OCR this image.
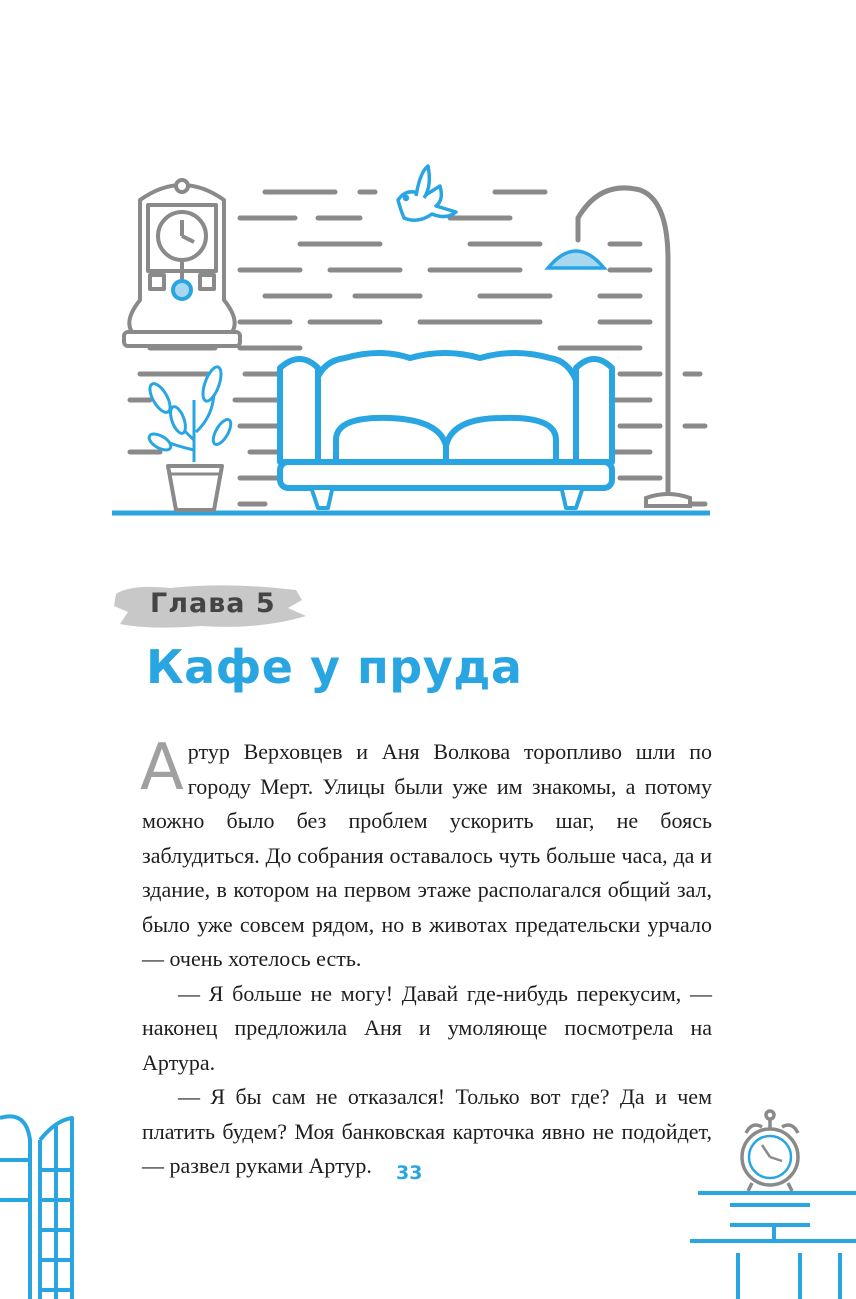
Глава 5
Кафе у пруда

Артур Верховцев и Аня Волкова торопливо шли по городу Мерт. Улицы были уже им знакомы, а потому можно было без проблем ускорить шаг, не боясь заблудиться. До собрания оставалось чуть больше часа, да и здание, в котором на первом этаже располагался общий зал, было уже совсем рядом, но в животах предательски урчало — очень хотелось есть.

— Я больше не могу! Давай где-нибудь перекусим, — наконец предложила Аня и умоляюще посмотрела на Артура.

— Я бы сам не отказался! Только вот где? Да и чем платить будем? Моя банковская карточка явно не подойдет, — развел руками Артур.	33
